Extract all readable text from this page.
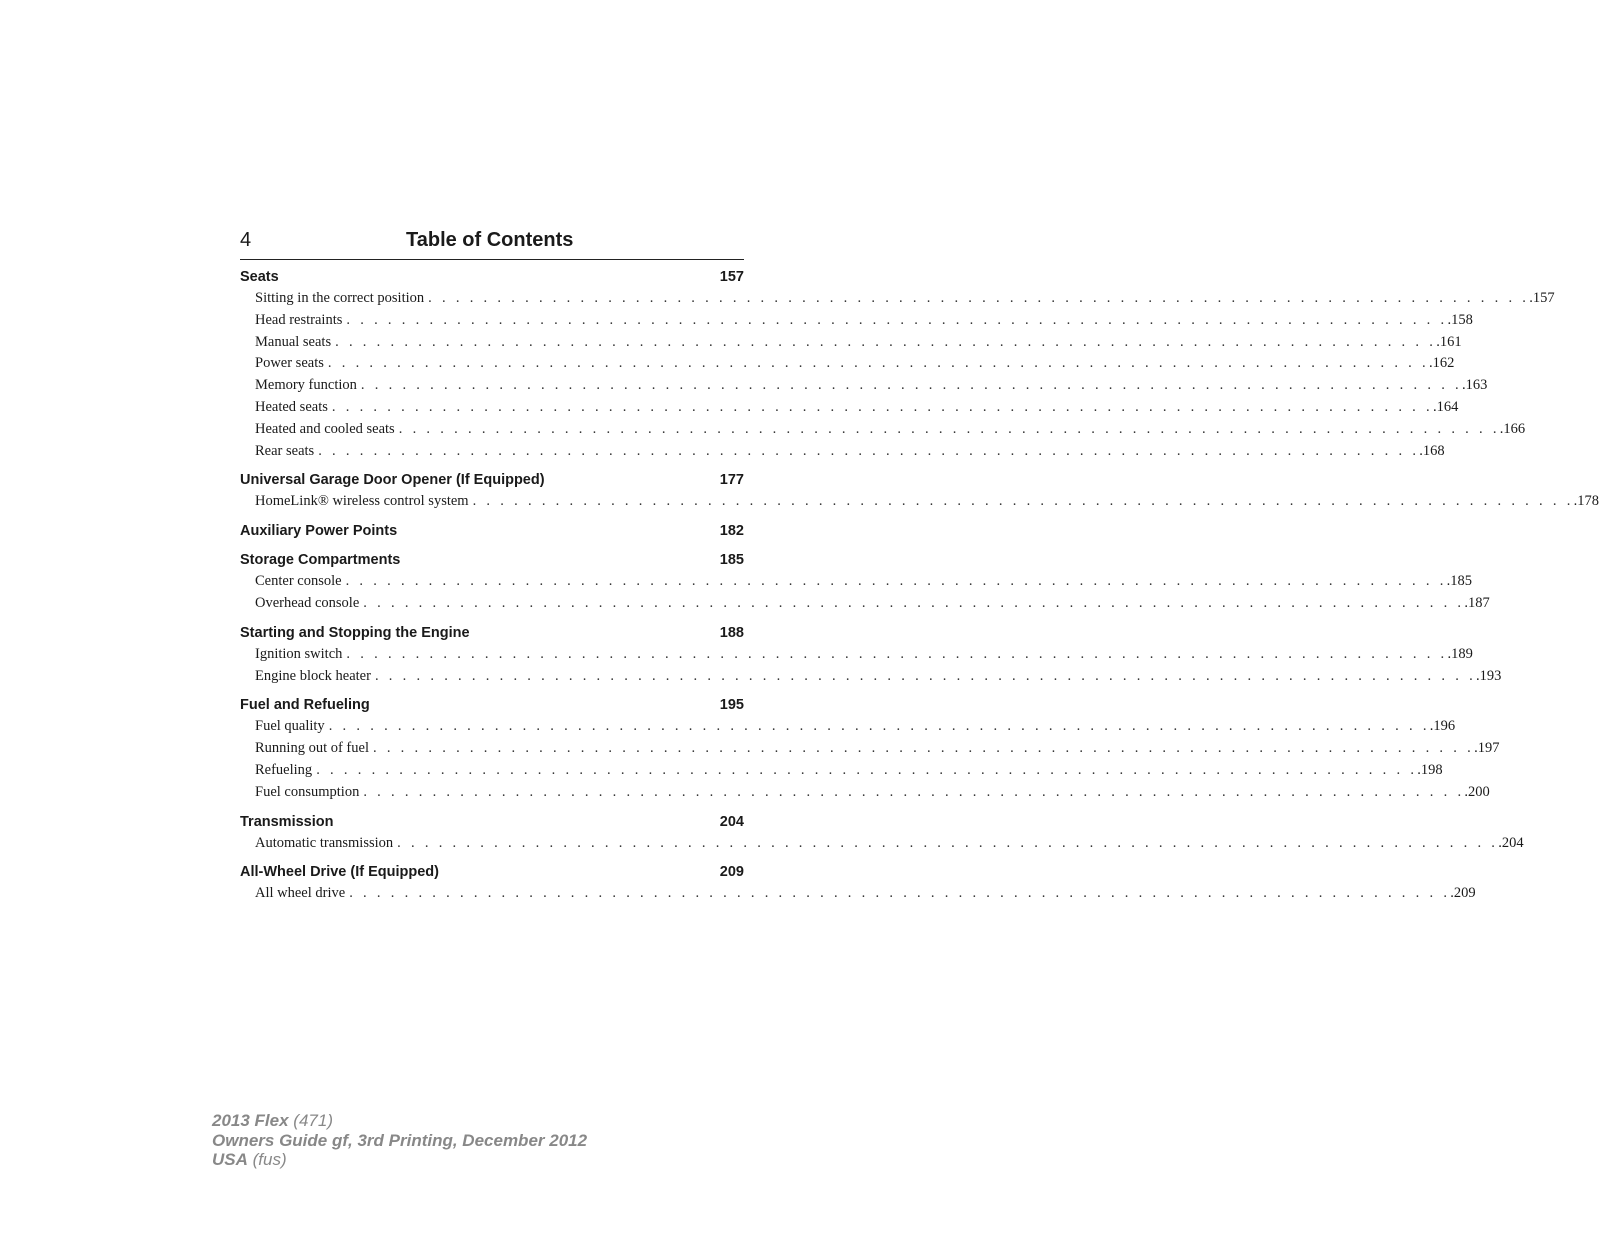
4	Table of Contents
Seats	157
Sitting in the correct position . . . . . . . . . . . . . . . . . . . . . . . . . . . . . . . . . . . . . . . . . . . . . . . . . . . . . . . . . . . . . . . . . . . . . . . . . . . . . . . . .157
Head restraints . . . . . . . . . . . . . . . . . . . . . . . . . . . . . . . . . . . . . . . . . . . . . . . . . . . . . . . . . . . . . . . . . . . . . . . . . . . . . . . . .158
Manual seats . . . . . . . . . . . . . . . . . . . . . . . . . . . . . . . . . . . . . . . . . . . . . . . . . . . . . . . . . . . . . . . . . . . . . . . . . . . . . . . . .161
Power seats . . . . . . . . . . . . . . . . . . . . . . . . . . . . . . . . . . . . . . . . . . . . . . . . . . . . . . . . . . . . . . . . . . . . . . . . . . . . . . . . .162
Memory function . . . . . . . . . . . . . . . . . . . . . . . . . . . . . . . . . . . . . . . . . . . . . . . . . . . . . . . . . . . . . . . . . . . . . . . . . . . . . . . . .163
Heated seats . . . . . . . . . . . . . . . . . . . . . . . . . . . . . . . . . . . . . . . . . . . . . . . . . . . . . . . . . . . . . . . . . . . . . . . . . . . . . . . . .164
Heated and cooled seats . . . . . . . . . . . . . . . . . . . . . . . . . . . . . . . . . . . . . . . . . . . . . . . . . . . . . . . . . . . . . . . . . . . . . . . . . . . . . . . . .166
Rear seats . . . . . . . . . . . . . . . . . . . . . . . . . . . . . . . . . . . . . . . . . . . . . . . . . . . . . . . . . . . . . . . . . . . . . . . . . . . . . . . . .168
Universal Garage Door Opener (If Equipped)	177
HomeLink® wireless control system . . . . . . . . . . . . . . . . . . . . . . . . . . . . . . . . . . . . . . . . . . . . . . . . . . . . . . . . . . . . . . . . . . . . . . . . . . . . . . . . .178
Auxiliary Power Points	182
Storage Compartments	185
Center console . . . . . . . . . . . . . . . . . . . . . . . . . . . . . . . . . . . . . . . . . . . . . . . . . . . . . . . . . . . . . . . . . . . . . . . . . . . . . . . . .185
Overhead console . . . . . . . . . . . . . . . . . . . . . . . . . . . . . . . . . . . . . . . . . . . . . . . . . . . . . . . . . . . . . . . . . . . . . . . . . . . . . . . . .187
Starting and Stopping the Engine	188
Ignition switch . . . . . . . . . . . . . . . . . . . . . . . . . . . . . . . . . . . . . . . . . . . . . . . . . . . . . . . . . . . . . . . . . . . . . . . . . . . . . . . . .189
Engine block heater . . . . . . . . . . . . . . . . . . . . . . . . . . . . . . . . . . . . . . . . . . . . . . . . . . . . . . . . . . . . . . . . . . . . . . . . . . . . . . . . .193
Fuel and Refueling	195
Fuel quality . . . . . . . . . . . . . . . . . . . . . . . . . . . . . . . . . . . . . . . . . . . . . . . . . . . . . . . . . . . . . . . . . . . . . . . . . . . . . . . . .196
Running out of fuel . . . . . . . . . . . . . . . . . . . . . . . . . . . . . . . . . . . . . . . . . . . . . . . . . . . . . . . . . . . . . . . . . . . . . . . . . . . . . . . . .197
Refueling . . . . . . . . . . . . . . . . . . . . . . . . . . . . . . . . . . . . . . . . . . . . . . . . . . . . . . . . . . . . . . . . . . . . . . . . . . . . . . . . .198
Fuel consumption . . . . . . . . . . . . . . . . . . . . . . . . . . . . . . . . . . . . . . . . . . . . . . . . . . . . . . . . . . . . . . . . . . . . . . . . . . . . . . . . .200
Transmission	204
Automatic transmission . . . . . . . . . . . . . . . . . . . . . . . . . . . . . . . . . . . . . . . . . . . . . . . . . . . . . . . . . . . . . . . . . . . . . . . . . . . . . . . . .204
All-Wheel Drive (If Equipped)	209
All wheel drive . . . . . . . . . . . . . . . . . . . . . . . . . . . . . . . . . . . . . . . . . . . . . . . . . . . . . . . . . . . . . . . . . . . . . . . . . . . . . . . . .209
2013 Flex (471)
Owners Guide gf, 3rd Printing, December 2012
USA (fus)
